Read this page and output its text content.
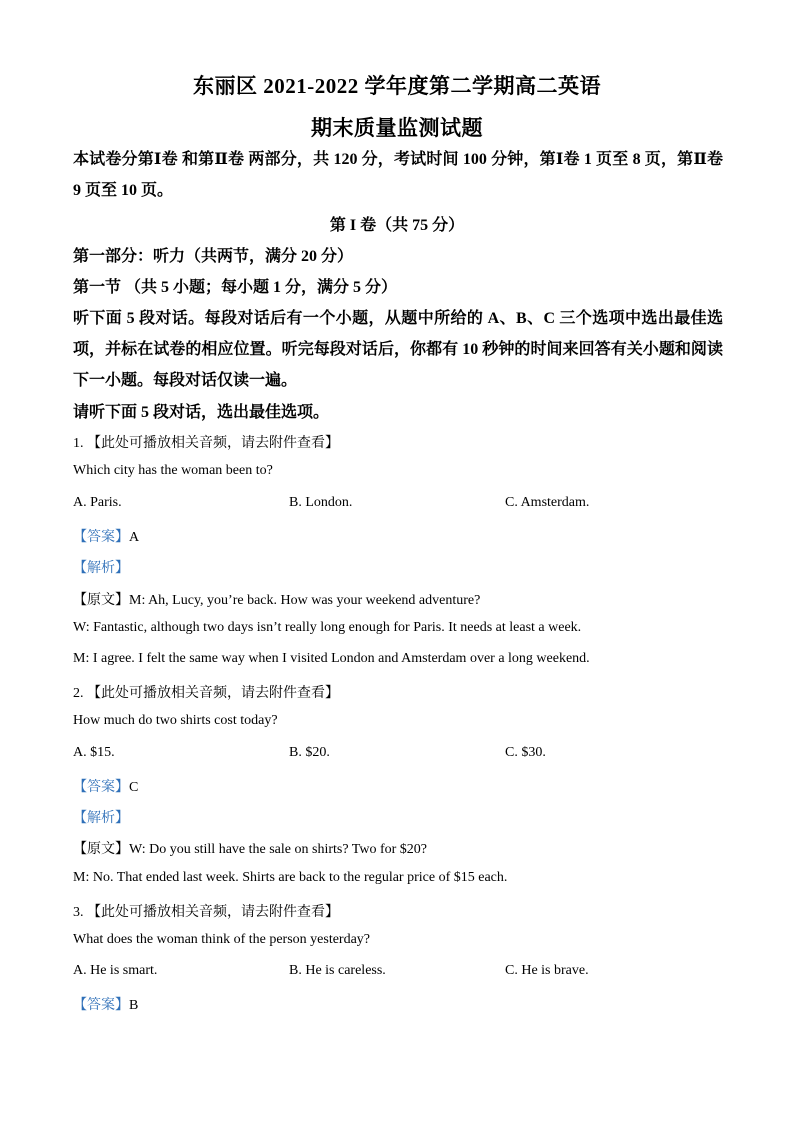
东丽区 2021-2022 学年度第二学期高二英语
期末质量监测试题
本试卷分第Ⅰ卷 和第Ⅱ卷 两部分，共 120 分，考试时间 100 分钟，第Ⅰ卷 1 页至 8 页，第Ⅱ卷 9 页至 10 页。
第 I 卷（共 75 分）
第一部分：听力（共两节，满分 20 分）
第一节 （共 5 小题；每小题 1 分，满分 5 分）
听下面 5 段对话。每段对话后有一个小题，从题中所给的 A、B、C 三个选项中选出最佳选项，并标在试卷的相应位置。听完每段对话后，你都有 10 秒钟的时间来回答有关小题和阅读下一小题。每段对话仅读一遍。
请听下面 5 段对话，选出最佳选项。
1. 【此处可播放相关音频，请去附件查看】
Which city has the woman been to?
A. Paris.	B. London.	C. Amsterdam.
【答案】A
【解析】
【原文】M: Ah, Lucy, you’re back. How was your weekend adventure?
W: Fantastic, although two days isn’t really long enough for Paris. It needs at least a week.
M: I agree. I felt the same way when I visited London and Amsterdam over a long weekend.
2. 【此处可播放相关音频，请去附件查看】
How much do two shirts cost today?
A. $15.	B. $20.	C. $30.
【答案】C
【解析】
【原文】W: Do you still have the sale on shirts? Two for $20?
M: No. That ended last week. Shirts are back to the regular price of $15 each.
3. 【此处可播放相关音频，请去附件查看】
What does the woman think of the person yesterday?
A. He is smart.	B. He is careless.	C. He is brave.
【答案】B
